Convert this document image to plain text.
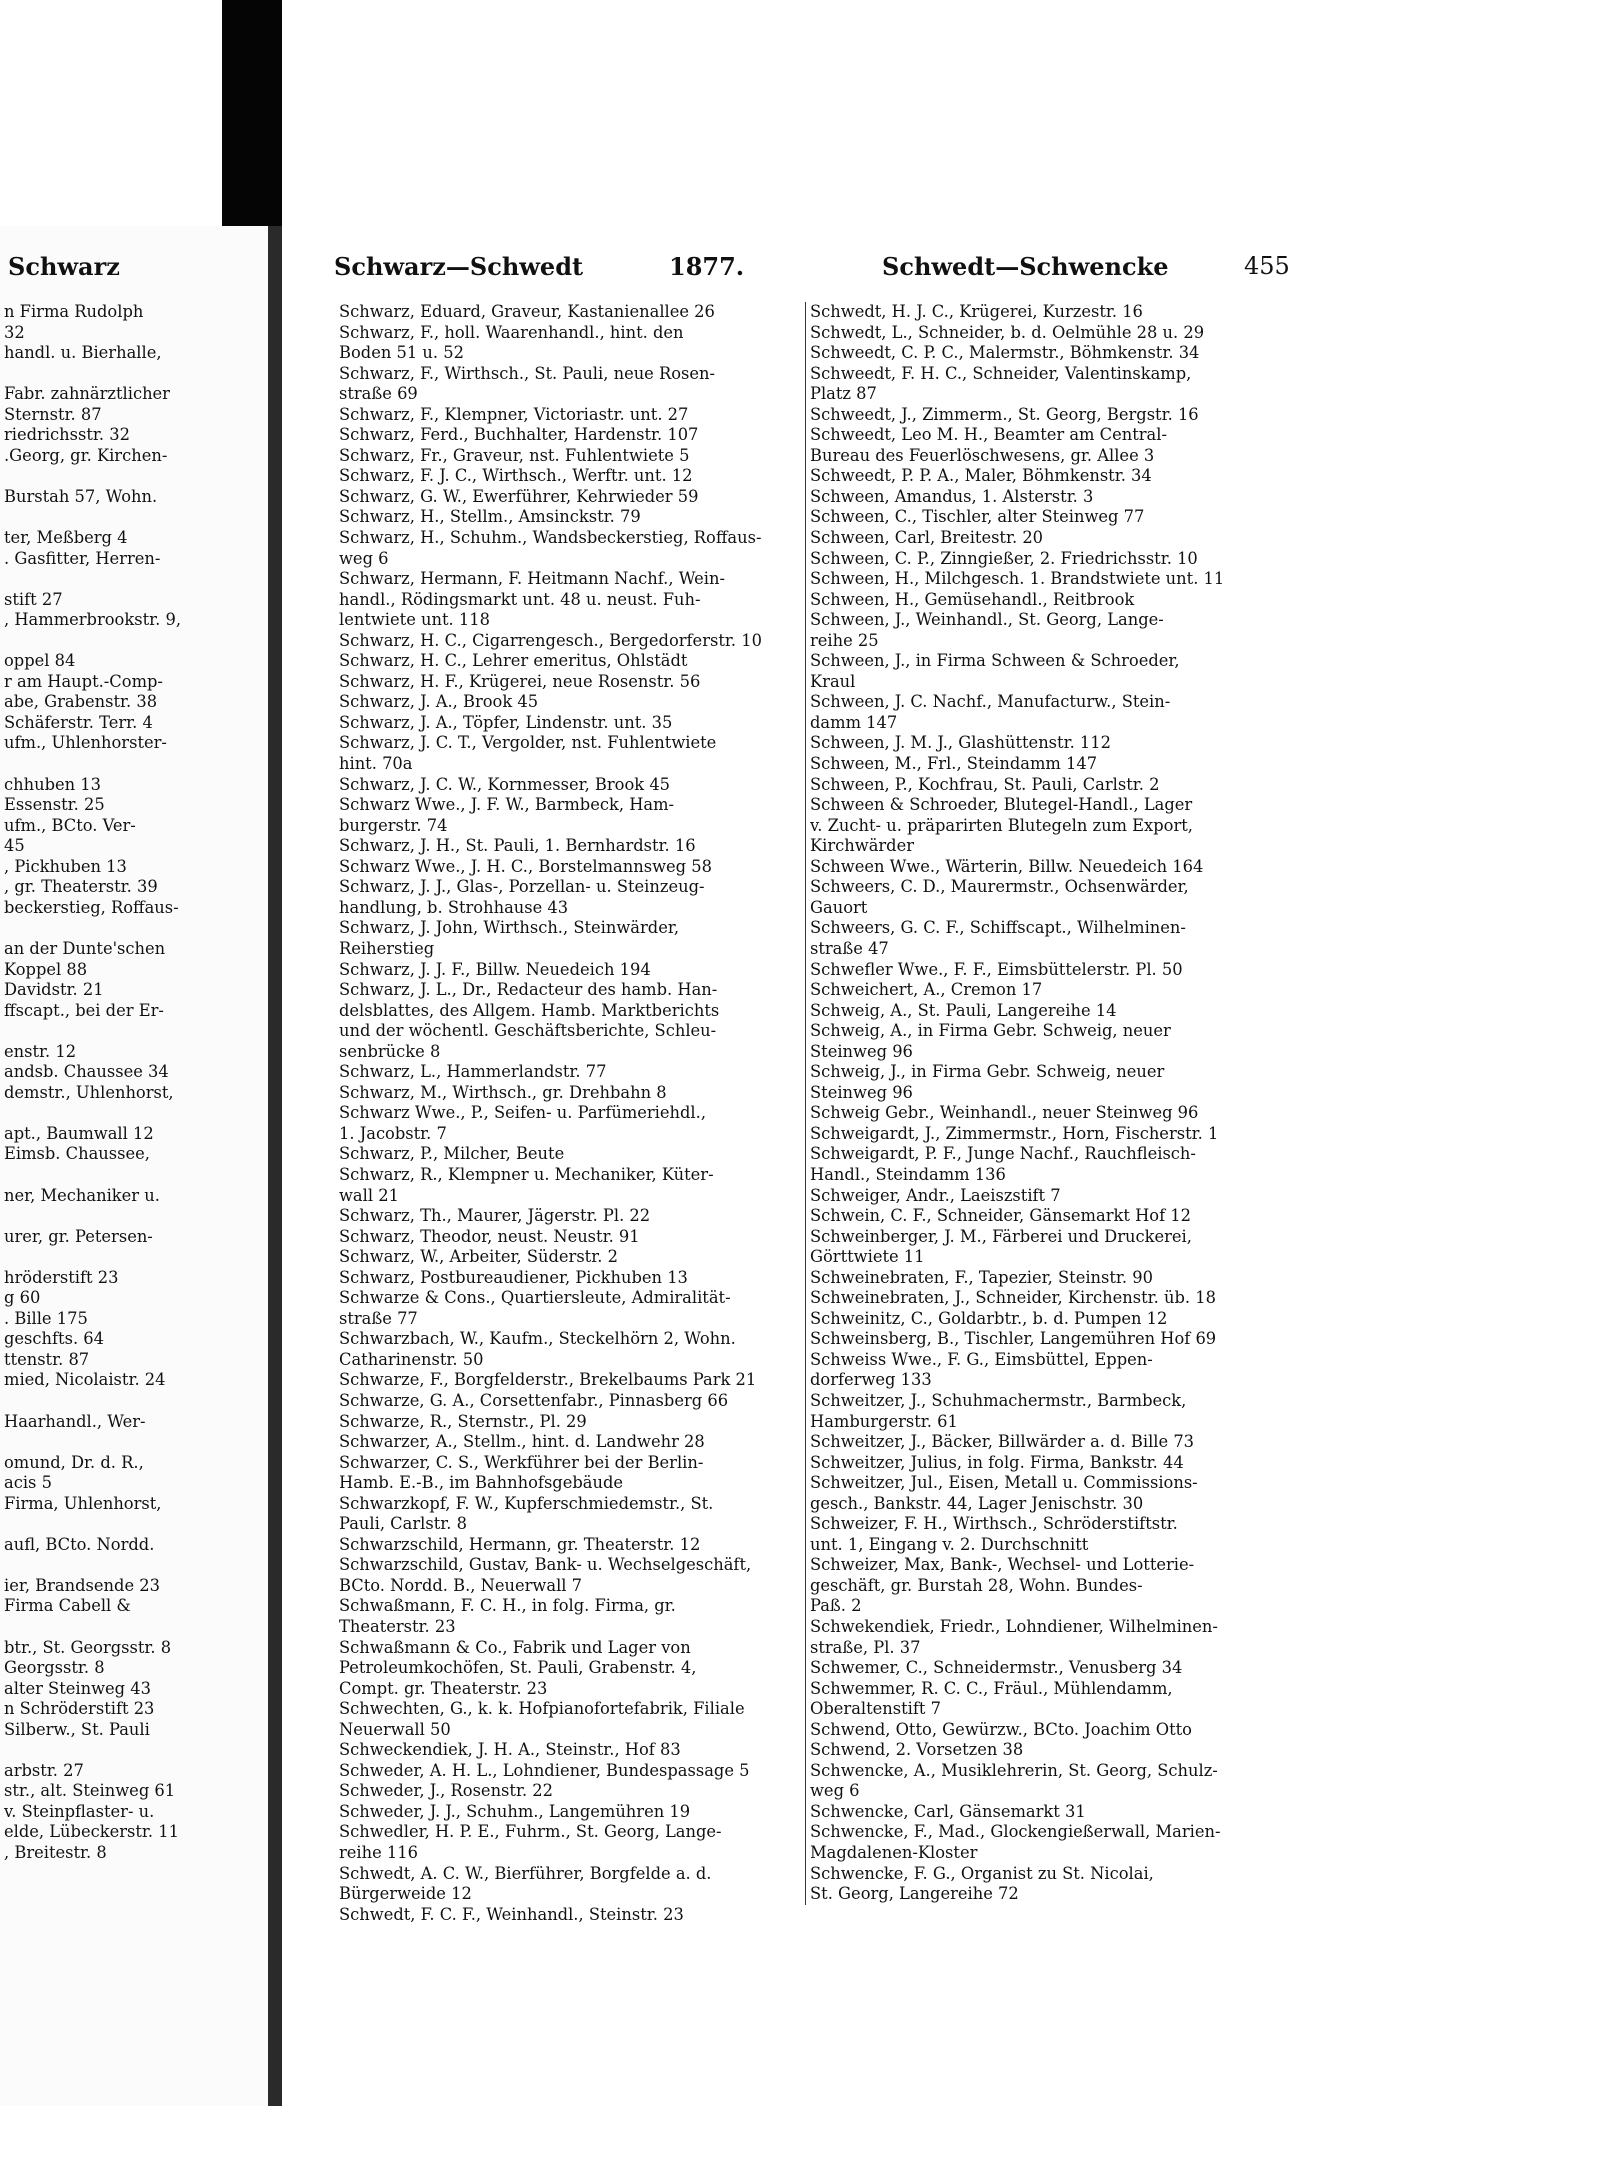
Schwarz
n Firma Rudolph
32
handl. u. Bierhalle,
Fabr. zahnärztlicher
Sternstr. 87
riedrichsstr. 32
.Georg, gr. Kirchen-
Burstah 57, Wohn.
ter, Meßberg 4
. Gasfitter, Herren-
stift 27
, Hammerbrookstr. 9,
oppel 84
r am Haupt.-Comp-
abe, Grabenstr. 38
Schäferstr. Terr. 4
ufm., Uhlenhorster-
chhuben 13
Essenstr. 25
ufm., BCto. Ver-
45
, Pickhuben 13
, gr. Theaterstr. 39
beckerstieg, Roffaus-
an der Dunte'schen
Koppel 88
Davidstr. 21
ffscapt., bei der Er-
enstr. 12
andsb. Chaussee 34
demstr., Uhlenhorst,
apt., Baumwall 12
Eimsb. Chaussee,
ner, Mechaniker u.
urer, gr. Petersen-
hröderstift 23
g 60
. Bille 175
geschfts. 64
ttenstr. 87
mied, Nicolaistr. 24
Haarhandl., Wer-
omund, Dr. d. R.,
acis 5
Firma, Uhlenhorst,
aufl, BCto. Nordd.
ier, Brandsende 23
Firma Cabell &
btr., St. Georgsstr. 8
Georgsstr. 8
alter Steinweg 43
n Schröderstift 23
Silberw., St. Pauli
arbstr. 27
str., alt. Steinweg 61
v. Steinpflaster- u.
elde, Lübeckerstr. 11
, Breitestr. 8
Schwarz—Schwedt	1877.	Schwedt—Schwencke	455
Schwarz, Eduard, Graveur, Kastanienallee 26
Schwarz, F., holl. Waarenhandl., hint. den
Boden 51 u. 52
Schwarz, F., Wirthsch., St. Pauli, neue Rosen-
straße 69
Schwarz, F., Klempner, Victoriastr. unt. 27
Schwarz, Ferd., Buchhalter, Hardenstr. 107
Schwarz, Fr., Graveur, nst. Fuhlentwiete 5
Schwarz, F. J. C., Wirthsch., Werftr. unt. 12
Schwarz, G. W., Ewerführer, Kehrwieder 59
Schwarz, H., Stellm., Amsinckstr. 79
Schwarz, H., Schuhm., Wandsbeckerstieg, Roffaus-
weg 6
Schwarz, Hermann, F. Heitmann Nachf., Wein-
handl., Rödingsmarkt unt. 48 u. neust. Fuh-
lentwiete unt. 118
Schwarz, H. C., Cigarrengesch., Bergedorferstr. 10
Schwarz, H. C., Lehrer emeritus, Ohlstädt
Schwarz, H. F., Krügerei, neue Rosenstr. 56
Schwarz, J. A., Brook 45
Schwarz, J. A., Töpfer, Lindenstr. unt. 35
Schwarz, J. C. T., Vergolder, nst. Fuhlentwiete
hint. 70a
Schwarz, J. C. W., Kornmesser, Brook 45
Schwarz Wwe., J. F. W., Barmbeck, Ham-
burgerstr. 74
Schwarz, J. H., St. Pauli, 1. Bernhardstr. 16
Schwarz Wwe., J. H. C., Borstelmannsweg 58
Schwarz, J. J., Glas-, Porzellan- u. Steinzeug-
handlung, b. Strohhause 43
Schwarz, J. John, Wirthsch., Steinwärder,
Reiherstieg
Schwarz, J. J. F., Billw. Neuedeich 194
Schwarz, J. L., Dr., Redacteur des hamb. Han-
delsblattes, des Allgem. Hamb. Marktberichts
und der wöchentl. Geschäftsberichte, Schleu-
senbrücke 8
Schwarz, L., Hammerlandstr. 77
Schwarz, M., Wirthsch., gr. Drehbahn 8
Schwarz Wwe., P., Seifen- u. Parfümeriehdl.,
1. Jacobstr. 7
Schwarz, P., Milcher, Beute
Schwarz, R., Klempner u. Mechaniker, Küter-
wall 21
Schwarz, Th., Maurer, Jägerstr. Pl. 22
Schwarz, Theodor, neust. Neustr. 91
Schwarz, W., Arbeiter, Süderstr. 2
Schwarz, Postbureaudiener, Pickhuben 13
Schwarze & Cons., Quartiersleute, Admiralität-
straße 77
Schwarzbach, W., Kaufm., Steckelhörn 2, Wohn.
Catharinenstr. 50
Schwarze, F., Borgfelderstr., Brekelbaums Park 21
Schwarze, G. A., Corsettenfabr., Pinnasberg 66
Schwarze, R., Sternstr., Pl. 29
Schwarzer, A., Stellm., hint. d. Landwehr 28
Schwarzer, C. S., Werkführer bei der Berlin-
Hamb. E.-B., im Bahnhofsgebäude
Schwarzkopf, F. W., Kupferschmiedemstr., St.
Pauli, Carlstr. 8
Schwarzschild, Hermann, gr. Theaterstr. 12
Schwarzschild, Gustav, Bank- u. Wechselgeschäft,
BCto. Nordd. B., Neuerwall 7
Schwaßmann, F. C. H., in folg. Firma, gr.
Theaterstr. 23
Schwaßmann & Co., Fabrik und Lager von
Petroleumkochöfen, St. Pauli, Grabenstr. 4,
Compt. gr. Theaterstr. 23
Schwechten, G., k. k. Hofpianofortefabrik, Filiale
Neuerwall 50
Schweckendiek, J. H. A., Steinstr., Hof 83
Schweder, A. H. L., Lohndiener, Bundespassage 5
Schweder, J., Rosenstr. 22
Schweder, J. J., Schuhm., Langemühren 19
Schwedler, H. P. E., Fuhrm., St. Georg, Lange-
reihe 116
Schwedt, A. C. W., Bierführer, Borgfelde a. d.
Bürgerweide 12
Schwedt, F. C. F., Weinhandl., Steinstr. 23
Schwedt, H. J. C., Krügerei, Kurzestr. 16
Schwedt, L., Schneider, b. d. Oelmühle 28 u. 29
Schweedt, C. P. C., Malermstr., Böhmkenstr. 34
Schweedt, F. H. C., Schneider, Valentinskamp,
Platz 87
Schweedt, J., Zimmerm., St. Georg, Bergstr. 16
Schweedt, Leo M. H., Beamter am Central-
Bureau des Feuerlöschwesens, gr. Allee 3
Schweedt, P. P. A., Maler, Böhmkenstr. 34
Schween, Amandus, 1. Alsterstr. 3
Schween, C., Tischler, alter Steinweg 77
Schween, Carl, Breitestr. 20
Schween, C. P., Zinngießer, 2. Friedrichsstr. 10
Schween, H., Milchgesch. 1. Brandstwiete unt. 11
Schween, H., Gemüsehandl., Reitbrook
Schween, J., Weinhandl., St. Georg, Lange-
reihe 25
Schween, J., in Firma Schween & Schroeder,
Kraul
Schween, J. C. Nachf., Manufacturw., Stein-
damm 147
Schween, J. M. J., Glashüttenstr. 112
Schween, M., Frl., Steindamm 147
Schween, P., Kochfrau, St. Pauli, Carlstr. 2
Schween & Schroeder, Blutegel-Handl., Lager
v. Zucht- u. präparirten Blutegeln zum Export,
Kirchwärder
Schween Wwe., Wärterin, Billw. Neuedeich 164
Schweers, C. D., Maurermstr., Ochsenwärder,
Gauort
Schweers, G. C. F., Schiffscapt., Wilhelminen-
straße 47
Schwefler Wwe., F. F., Eimsbüttelerstr. Pl. 50
Schweichert, A., Cremon 17
Schweig, A., St. Pauli, Langereihe 14
Schweig, A., in Firma Gebr. Schweig, neuer
Steinweg 96
Schweig, J., in Firma Gebr. Schweig, neuer
Steinweg 96
Schweig Gebr., Weinhandl., neuer Steinweg 96
Schweigardt, J., Zimmermstr., Horn, Fischerstr. 1
Schweigardt, P. F., Junge Nachf., Rauchfleisch-
Handl., Steindamm 136
Schweiger, Andr., Laeiszstift 7
Schwein, C. F., Schneider, Gänsemarkt Hof 12
Schweinberger, J. M., Färberei und Druckerei,
Görttwiete 11
Schweinebraten, F., Tapezier, Steinstr. 90
Schweinebraten, J., Schneider, Kirchenstr. üb. 18
Schweinitz, C., Goldarbtr., b. d. Pumpen 12
Schweinsberg, B., Tischler, Langemühren Hof 69
Schweiss Wwe., F. G., Eimsbüttel, Eppen-
dorferweg 133
Schweitzer, J., Schuhmachermstr., Barmbeck,
Hamburgerstr. 61
Schweitzer, J., Bäcker, Billwärder a. d. Bille 73
Schweitzer, Julius, in folg. Firma, Bankstr. 44
Schweitzer, Jul., Eisen, Metall u. Commissions-
gesch., Bankstr. 44, Lager Jenischstr. 30
Schweizer, F. H., Wirthsch., Schröderstiftstr.
unt. 1, Eingang v. 2. Durchschnitt
Schweizer, Max, Bank-, Wechsel- und Lotterie-
geschäft, gr. Burstah 28, Wohn. Bundes-
Paß. 2
Schwekendiek, Friedr., Lohndiener, Wilhelminen-
straße, Pl. 37
Schwemer, C., Schneidermstr., Venusberg 34
Schwemmer, R. C. C., Fräul., Mühlendamm,
Oberaltenstift 7
Schwend, Otto, Gewürzw., BCto. Joachim Otto
Schwend, 2. Vorsetzen 38
Schwencke, A., Musiklehrerin, St. Georg, Schulz-
weg 6
Schwencke, Carl, Gänsemarkt 31
Schwencke, F., Mad., Glockengießerwall, Marien-
Magdalenen-Kloster
Schwencke, F. G., Organist zu St. Nicolai,
St. Georg, Langereihe 72
